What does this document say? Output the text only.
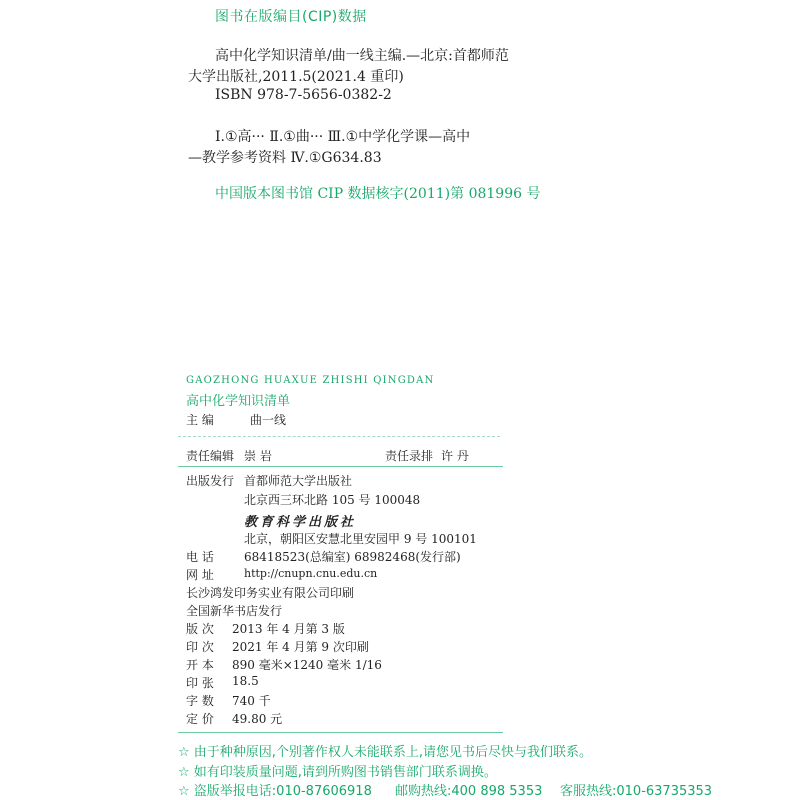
图书在版编目(CIP)数据
高中化学知识清单/曲一线主编.—北京:首都师范
大学出版社,2011.5(2021.4 重印)
ISBN 978-7-5656-0382-2
Ⅰ.①高··· Ⅱ.①曲··· Ⅲ.①中学化学课—高中
—教学参考资料 Ⅳ.①G634.83
中国版本图书馆 CIP 数据核字(2011)第 081996 号
GAOZHONG HUAXUE ZHISHI QINGDAN
高中化学知识清单
主 编	曲一线
责任编辑 崇 岩	责任录排 许 丹
出版发行 首都师范大学出版社
北京西三环北路 105 号 100048
教育科学出版社
北京，朝阳区安慧北里安园甲 9 号 100101
电 话	68418523(总编室) 68982468(发行部)
网 址	http://cnupn.cnu.edu.cn
长沙鸿发印务实业有限公司印刷
全国新华书店发行
版 次 2013 年 4 月第 3 版
印 次 2021 年 4 月第 9 次印刷
开 本 890 毫米×1240 毫米 1/16
印 张 18.5
字 数 740 千
定 价 49.80 元
☆ 由于种种原因,个别著作权人未能联系上,请您见书后尽快与我们联系。
☆ 如有印装质量问题,请到所购图书销售部门联系调换。
☆ 盗版举报电话:010-87606918 邮购热线:400 898 5353 客服热线:010-63735353
